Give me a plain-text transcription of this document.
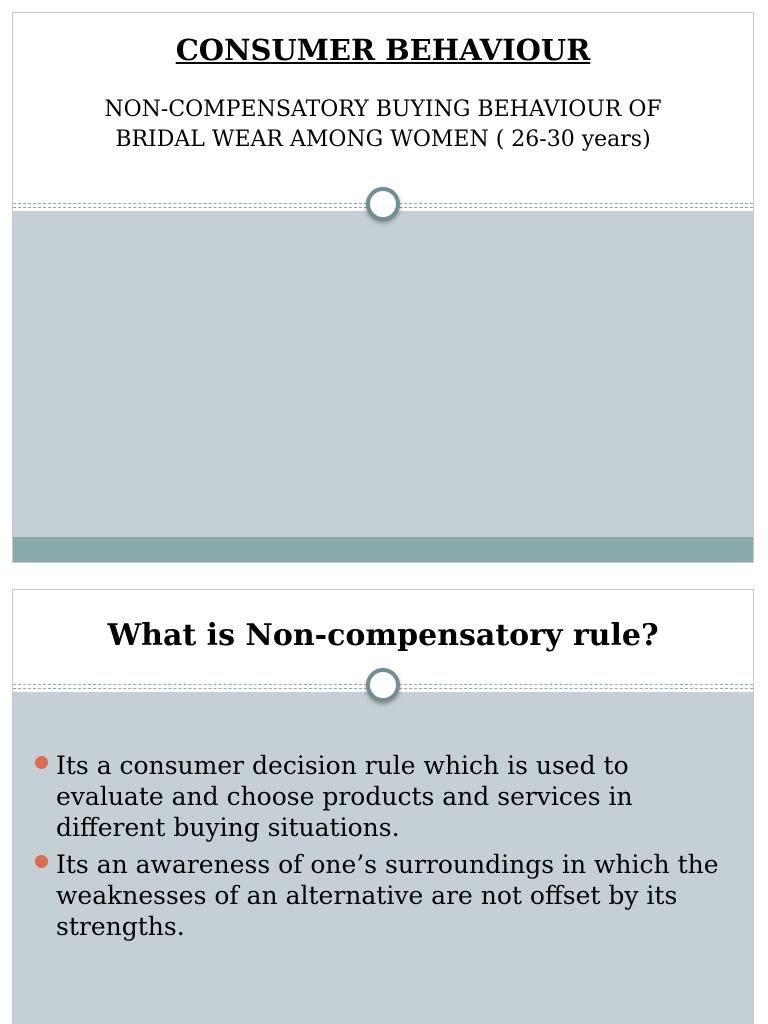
CONSUMER BEHAVIOUR

NON-COMPENSATORY BUYING BEHAVIOUR OF
BRIDAL WEAR AMONG WOMEN ( 26-30 years)

What is Non-compensatory rule?
Its a consumer decision rule which is used to evaluate and choose products and services in different buying situations.
Its an awareness of one’s surroundings in which the weaknesses of an alternative are not offset by its strengths.
